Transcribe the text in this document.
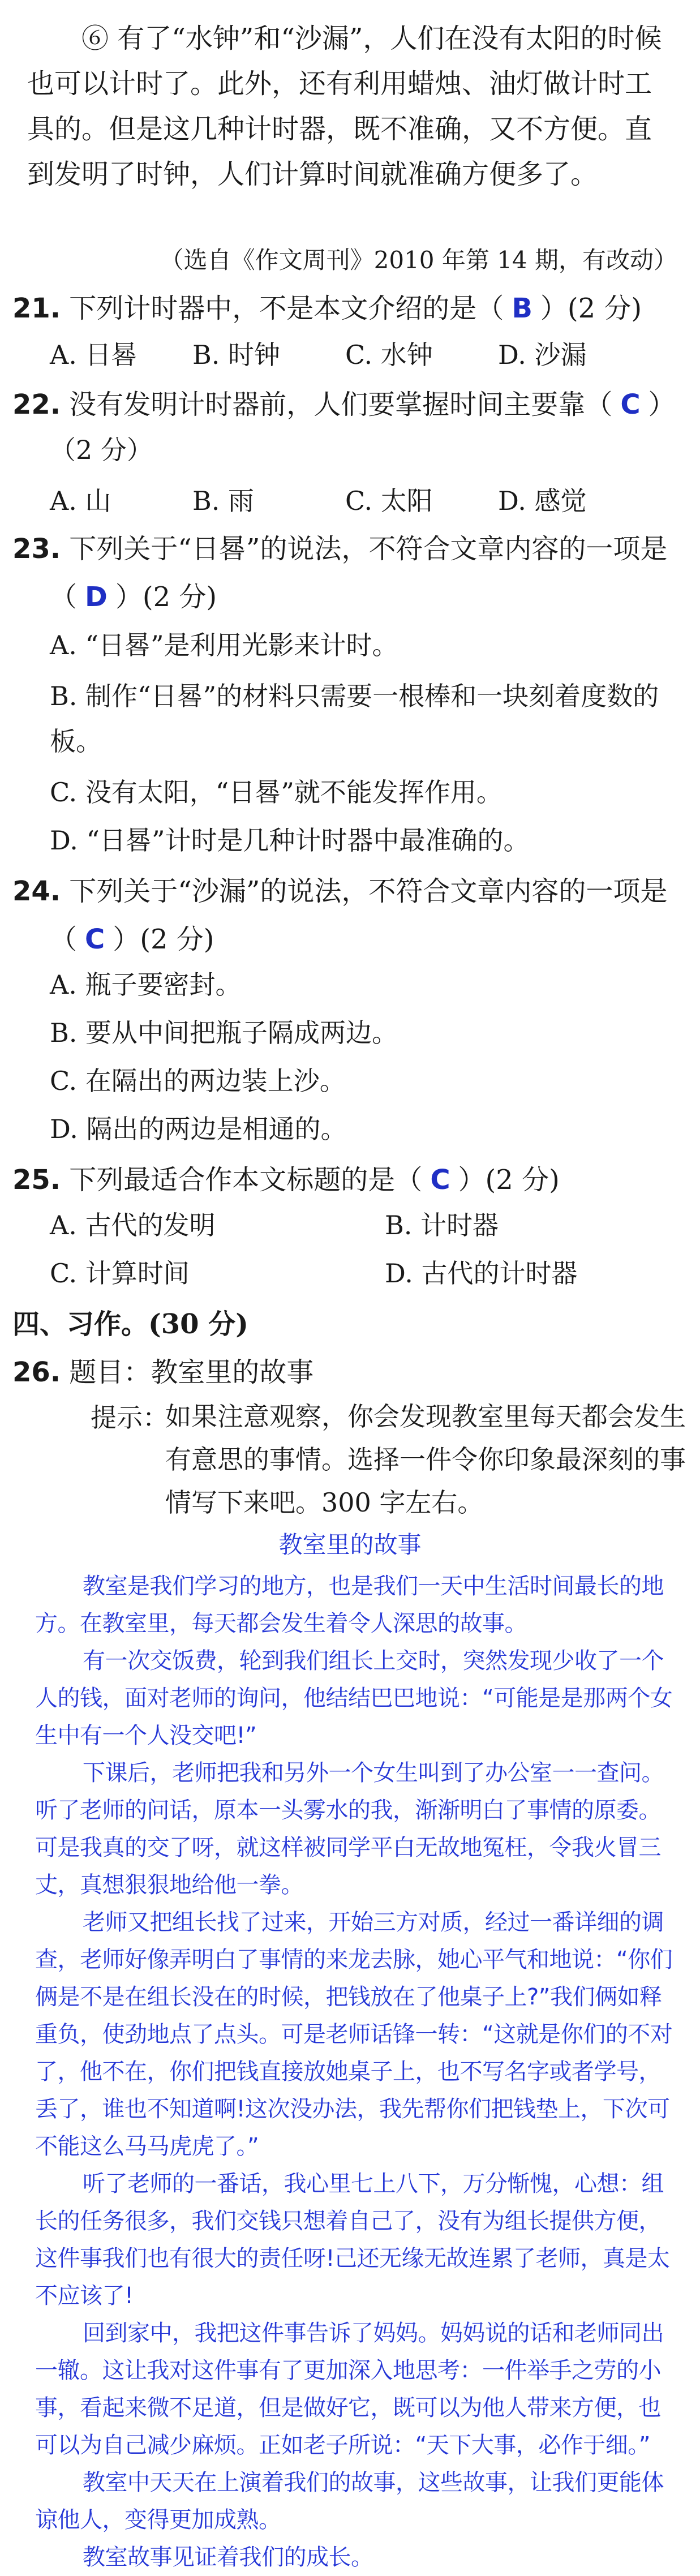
⑥ 有了“水钟”和“沙漏”，人们在没有太阳的时候也可以计时了。此外，还有利用蜡烛、油灯做计时工具的。但是这几种计时器，既不准确，又不方便。直到发明了时钟，人们计算时间就准确方便多了。

（选自《作文周刊》2010 年第 14 期，有改动）
21. 下列计时器中，不是本文介绍的是（ B ）(2 分)
A. 日晷 B. 时钟 C. 水钟	D. 沙漏
22. 没有发明计时器前，人们要掌握时间主要靠（ C ）
（2 分）
A. 山	B. 雨	C. 太阳	D. 感觉
23. 下列关于“日晷”的说法，不符合文章内容的一项是
（ D ）(2 分)
A. “日晷”是利用光影来计时。
B. 制作“日晷”的材料只需要一根棒和一块刻着度数的板。
C. 没有太阳，“日晷”就不能发挥作用。
D. “日晷”计时是几种计时器中最准确的。
24. 下列关于“沙漏”的说法，不符合文章内容的一项是
（ C ）(2 分)
A. 瓶子要密封。
B. 要从中间把瓶子隔成两边。
C. 在隔出的两边装上沙。
D. 隔出的两边是相通的。
25. 下列最适合作本文标题的是（ C ）(2 分)
A. 古代的发明	B. 计时器
C. 计算时间	D. 古代的计时器
四、习作。(30 分)
26. 题目：教室里的故事
提示：
如果注意观察，你会发现教室里每天都会发生有意思的事情。选择一件令你印象最深刻的事情写下来吧。300 字左右。
教室里的故事

教室是我们学习的地方，也是我们一天中生活时间最长的地方。在教室里，每天都会发生着令人深思的故事。

有一次交饭费，轮到我们组长上交时，突然发现少收了一个人的钱，面对老师的询问，他结结巴巴地说：“可能是是那两个女生中有一个人没交吧!”

下课后，老师把我和另外一个女生叫到了办公室一一查问。听了老师的问话，原本一头雾水的我，渐渐明白了事情的原委。可是我真的交了呀，就这样被同学平白无故地冤枉，令我火冒三丈，真想狠狠地给他一拳。

老师又把组长找了过来，开始三方对质，经过一番详细的调查，老师好像弄明白了事情的来龙去脉，她心平气和地说：“你们俩是不是在组长没在的时候，把钱放在了他桌子上?”我们俩如释重负，使劲地点了点头。可是老师话锋一转：“这就是你们的不对了，他不在，你们把钱直接放她桌子上，也不写名字或者学号，丢了，谁也不知道啊!这次没办法，我先帮你们把钱垫上，下次可不能这么马马虎虎了。”

听了老师的一番话，我心里七上八下，万分惭愧，心想：组长的任务很多，我们交钱只想着自己了，没有为组长提供方便，这件事我们也有很大的责任呀!己还无缘无故连累了老师，真是太不应该了!

回到家中，我把这件事告诉了妈妈。妈妈说的话和老师同出一辙。这让我对这件事有了更加深入地思考：一件举手之劳的小事，看起来微不足道，但是做好它，既可以为他人带来方便，也可以为自己减少麻烦。正如老子所说：“天下大事，必作于细。”

教室中天天在上演着我们的故事，这些故事，让我们更能体谅他人，变得更加成熟。

教室故事见证着我们的成长。
